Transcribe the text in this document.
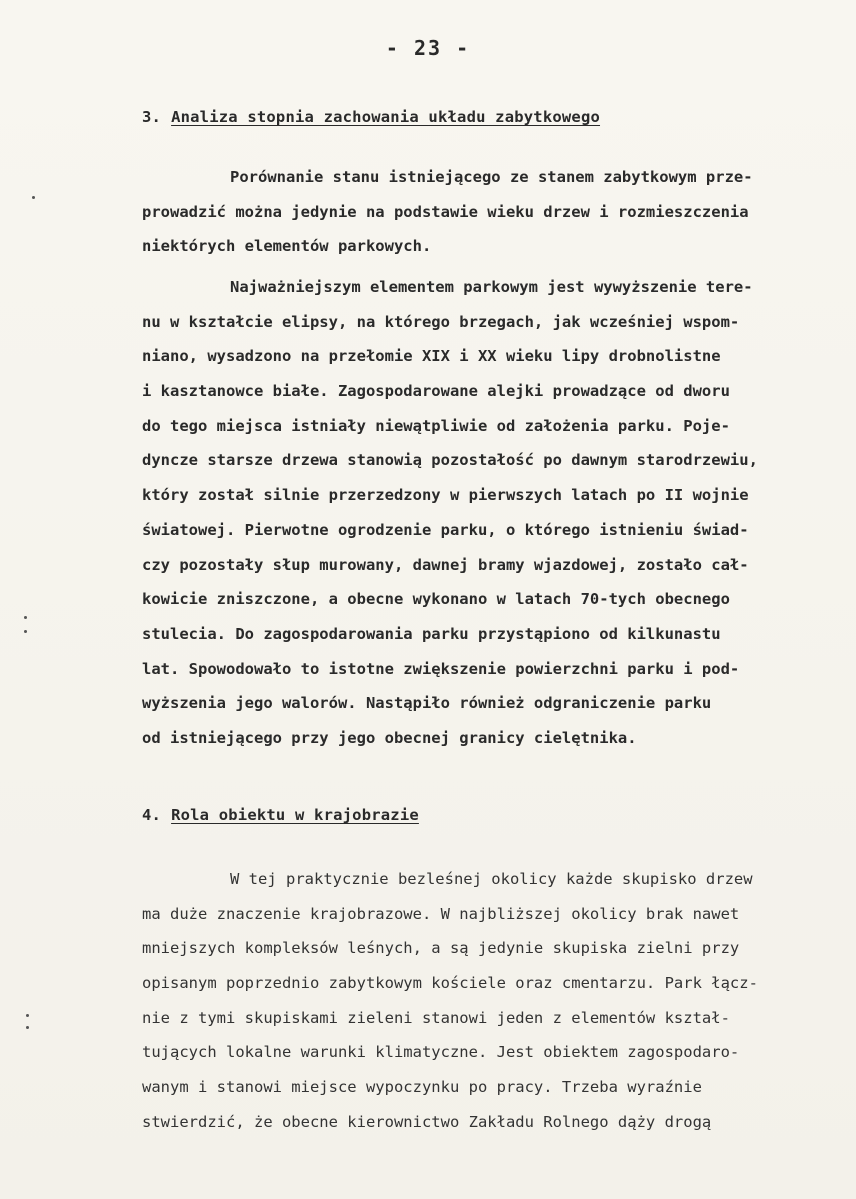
- 23 -
3. Analiza stopnia zachowania układu zabytkowego
Porównanie stanu istniejącego ze stanem zabytkowym prze-
prowadzić można jedynie na podstawie wieku drzew i rozmieszczenia
niektórych elementów parkowych.
Najważniejszym elementem parkowym jest wywyższenie tere-
nu w kształcie elipsy, na którego brzegach, jak wcześniej wspom-
niano, wysadzono na przełomie XIX i XX wieku lipy drobnolistne
i kasztanowce białe. Zagospodarowane alejki prowadzące od dworu
do tego miejsca istniały niewątpliwie od założenia parku. Poje-
dyncze starsze drzewa stanowią pozostałość po dawnym starodrzewiu,
który został silnie przerzedzony w pierwszych latach po II wojnie
światowej. Pierwotne ogrodzenie parku, o którego istnieniu świad-
czy pozostały słup murowany, dawnej bramy wjazdowej, zostało cał-
kowicie zniszczone, a obecne wykonano w latach 70-tych obecnego
stulecia. Do zagospodarowania parku przystąpiono od kilkunastu
lat. Spowodowało to istotne zwiększenie powierzchni parku i pod-
wyższenia jego walorów. Nastąpiło również odgraniczenie parku
od istniejącego przy jego obecnej granicy cielętnika.
4. Rola obiektu w krajobrazie
W tej praktycznie bezleśnej okolicy każde skupisko drzew
ma duże znaczenie krajobrazowe. W najbliższej okolicy brak nawet
mniejszych kompleksów leśnych, a są jedynie skupiska zielni przy
opisanym poprzednio zabytkowym kościele oraz cmentarzu. Park łącz-
nie z tymi skupiskami zieleni stanowi jeden z elementów kształ-
tujących lokalne warunki klimatyczne. Jest obiektem zagospodaro-
wanym i stanowi miejsce wypoczynku po pracy. Trzeba wyraźnie
stwierdzić, że obecne kierownictwo Zakładu Rolnego dąży drogą
